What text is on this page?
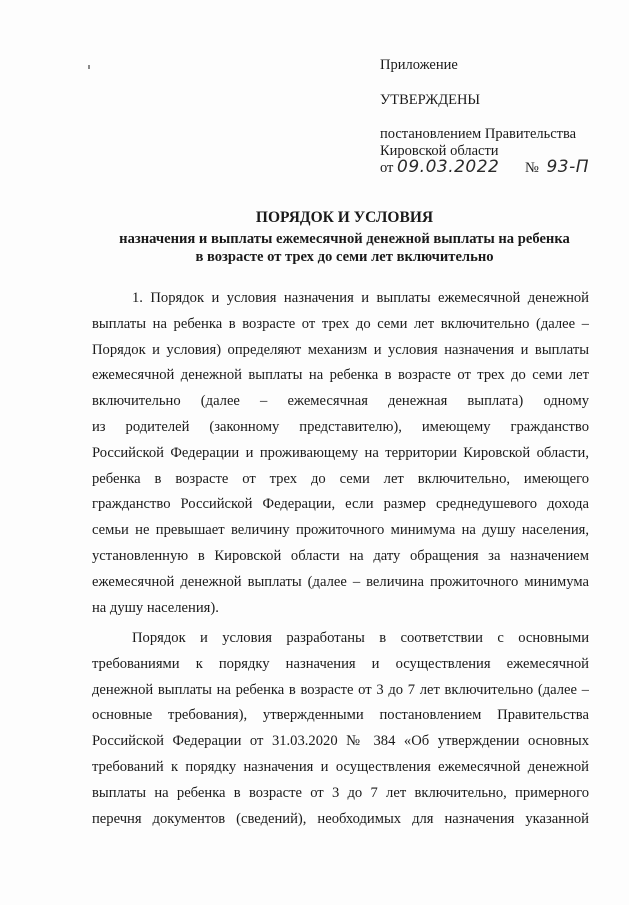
Приложение
УТВЕРЖДЕНЫ
постановлением Правительства
Кировской области
от 09.03.2022 № 93-П
ПОРЯДОК И УСЛОВИЯ
назначения и выплаты ежемесячной денежной выплаты на ребенка
в возрасте от трех до семи лет включительно
1. Порядок и условия назначения и выплаты ежемесячной денежной
выплаты на ребенка в возрасте от трех до семи лет включительно (далее –
Порядок и условия) определяют механизм и условия назначения и выплаты
ежемесячной денежной выплаты на ребенка в возрасте от трех до семи лет
включительно (далее – ежемесячная денежная выплата) одному
из родителей (законному представителю), имеющему гражданство
Российской Федерации и проживающему на территории Кировской области,
ребенка в возрасте от трех до семи лет включительно, имеющего
гражданство Российской Федерации, если размер среднедушевого дохода
семьи не превышает величину прожиточного минимума на душу населения,
установленную в Кировской области на дату обращения за назначением
ежемесячной денежной выплаты (далее – величина прожиточного минимума
на душу населения).
Порядок и условия разработаны в соответствии с основными
требованиями к порядку назначения и осуществления ежемесячной
денежной выплаты на ребенка в возрасте от 3 до 7 лет включительно (далее –
основные требования), утвержденными постановлением Правительства
Российской Федерации от 31.03.2020 № 384 «Об утверждении основных
требований к порядку назначения и осуществления ежемесячной денежной
выплаты на ребенка в возрасте от 3 до 7 лет включительно, примерного
перечня документов (сведений), необходимых для назначения указанной
